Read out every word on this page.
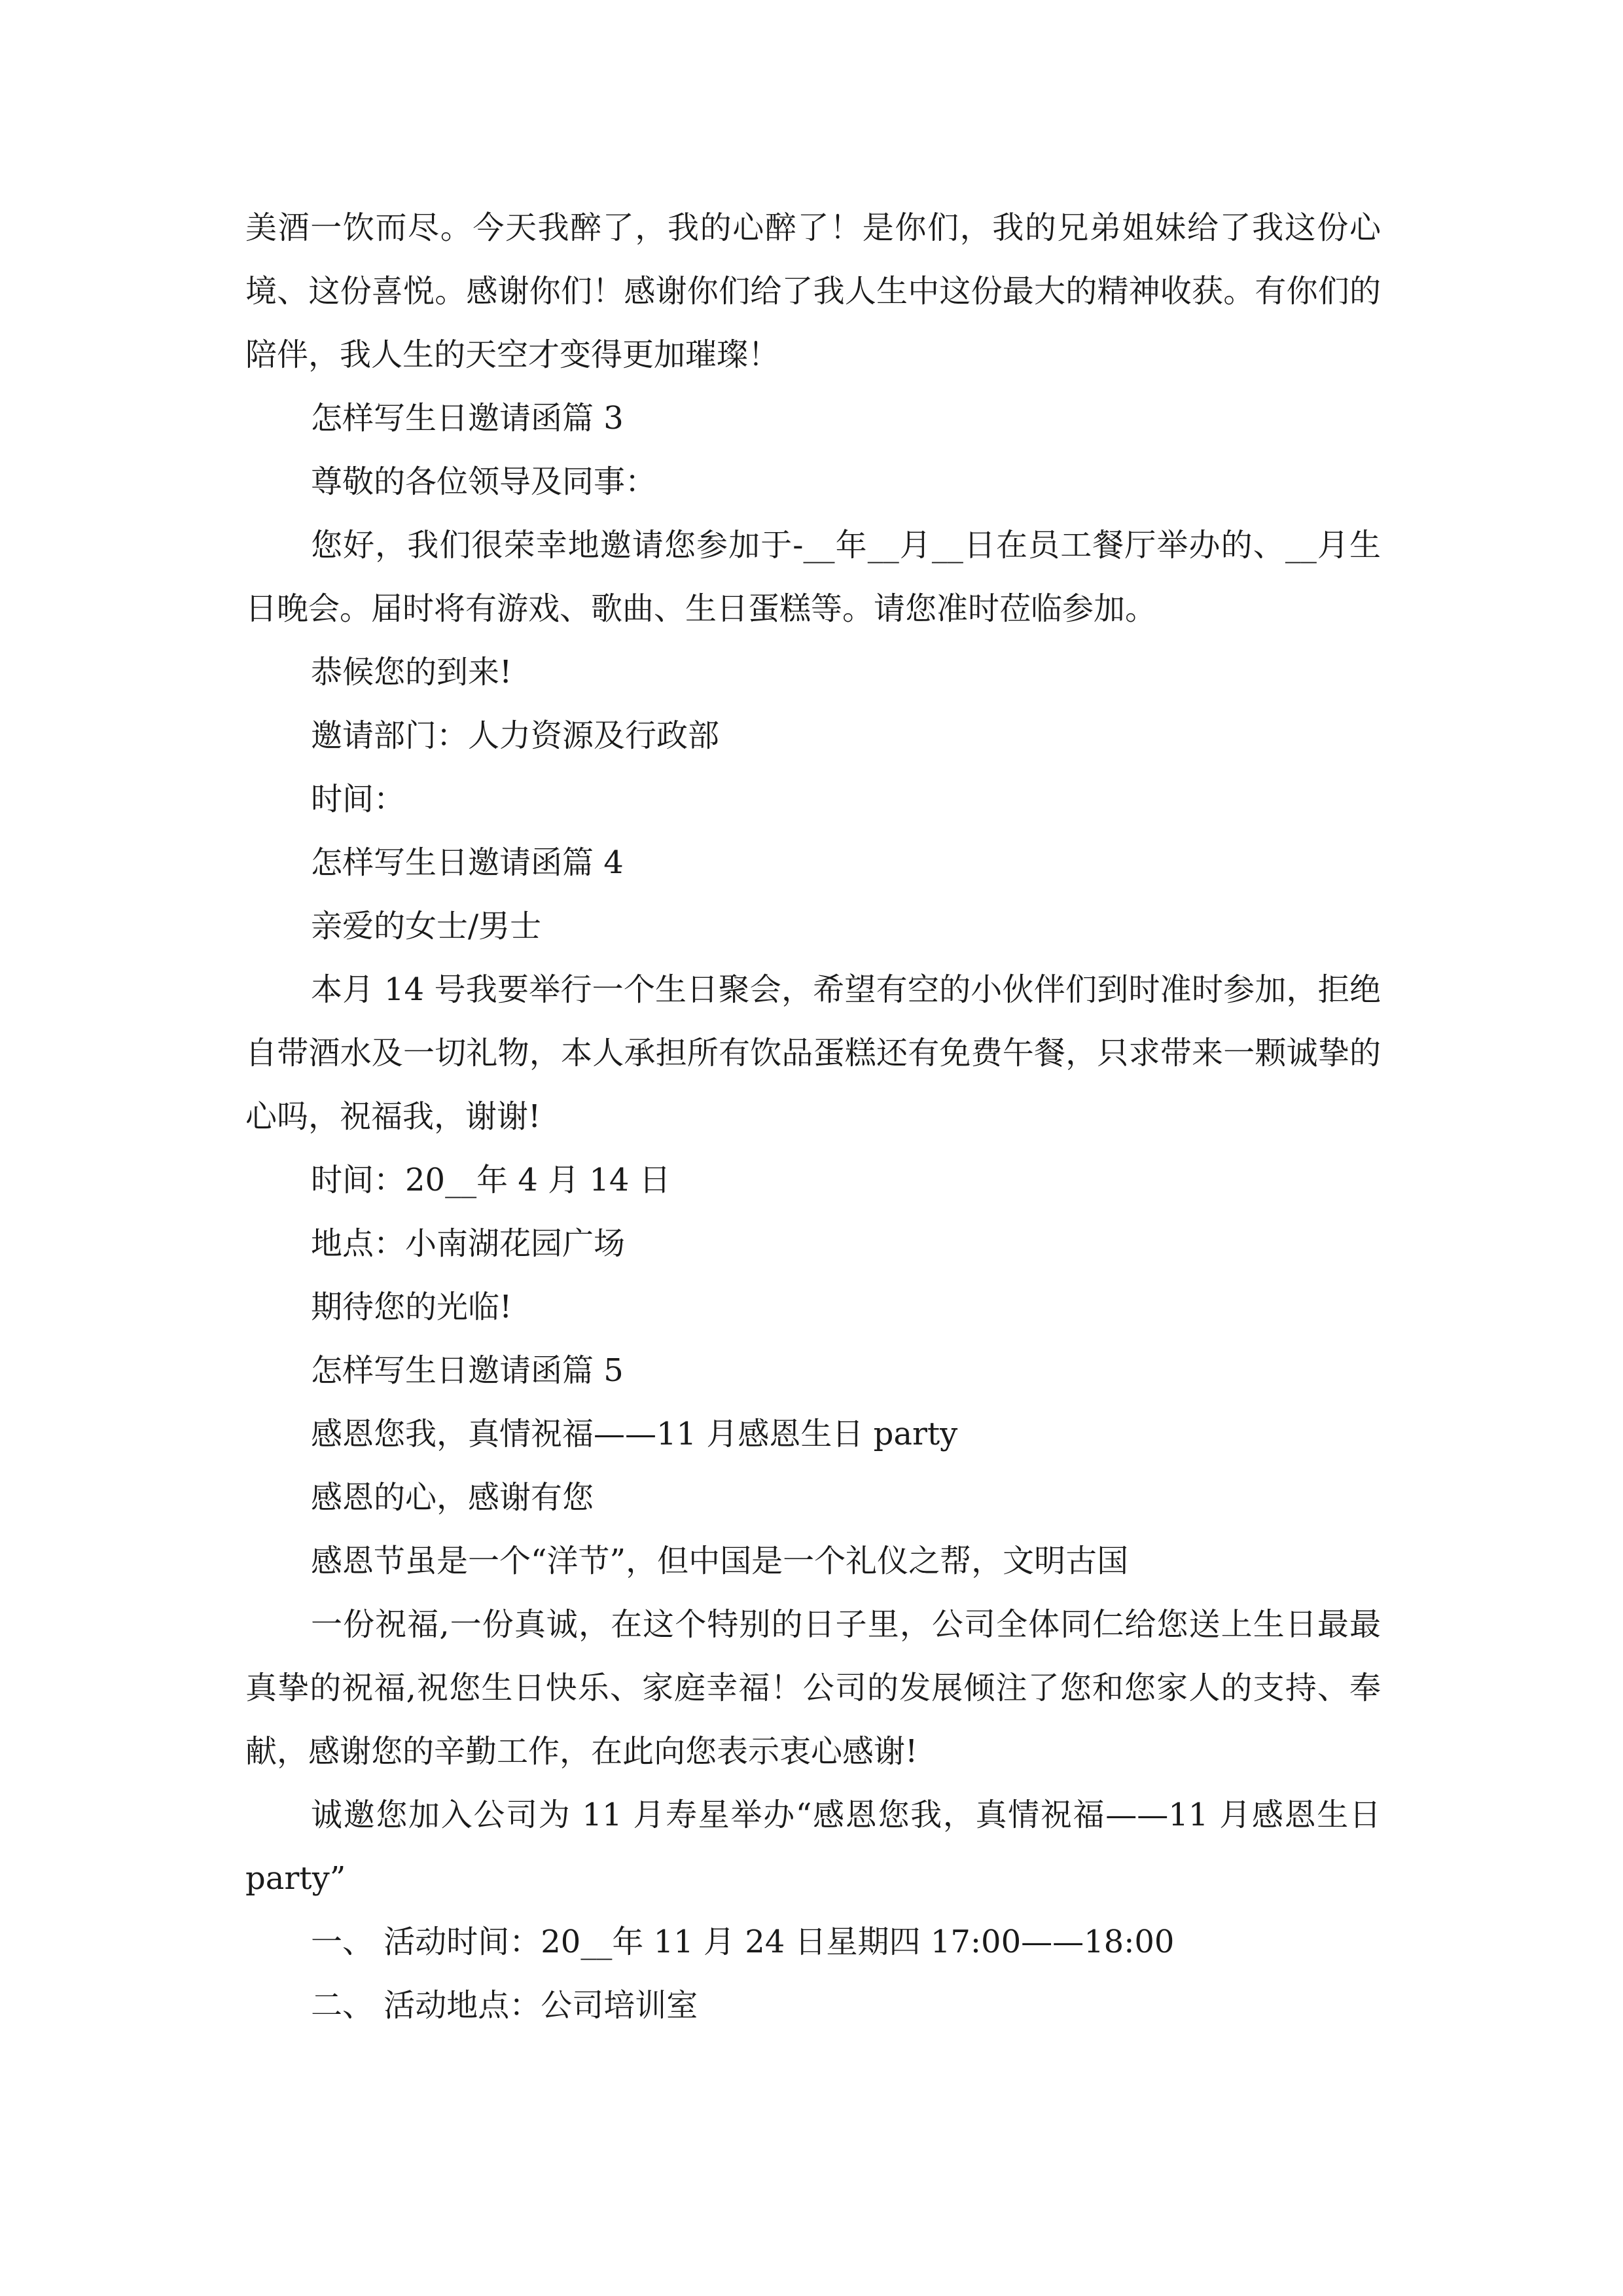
美酒一饮而尽。今天我醉了，我的心醉了！是你们，我的兄弟姐妹给了我这份心境、这份喜悦。感谢你们！感谢你们给了我人生中这份最大的精神收获。有你们的陪伴，我人生的天空才变得更加璀璨！

怎样写生日邀请函篇 3

尊敬的各位领导及同事：

您好，我们很荣幸地邀请您参加于-__年__月__日在员工餐厅举办的、__月生日晚会。届时将有游戏、歌曲、生日蛋糕等。请您准时莅临参加。

恭候您的到来!

邀请部门：人力资源及行政部

时间：

怎样写生日邀请函篇 4

亲爱的女士/男士

本月 14 号我要举行一个生日聚会，希望有空的小伙伴们到时准时参加，拒绝自带酒水及一切礼物，本人承担所有饮品蛋糕还有免费午餐，只求带来一颗诚挚的心吗，祝福我，谢谢!

时间：20__年 4 月 14 日

地点：小南湖花园广场

期待您的光临!

怎样写生日邀请函篇 5

感恩您我，真情祝福——11 月感恩生日 party

感恩的心，感谢有您

感恩节虽是一个“洋节”，但中国是一个礼仪之帮，文明古国

一份祝福,一份真诚，在这个特别的日子里，公司全体同仁给您送上生日最最真挚的祝福,祝您生日快乐、家庭幸福！公司的发展倾注了您和您家人的支持、奉献，感谢您的辛勤工作，在此向您表示衷心感谢!

诚邀您加入公司为 11 月寿星举办“感恩您我，真情祝福——11 月感恩生日 party”

一、 活动时间：20__年 11 月 24 日星期四 17:00——18:00

二、 活动地点：公司培训室
